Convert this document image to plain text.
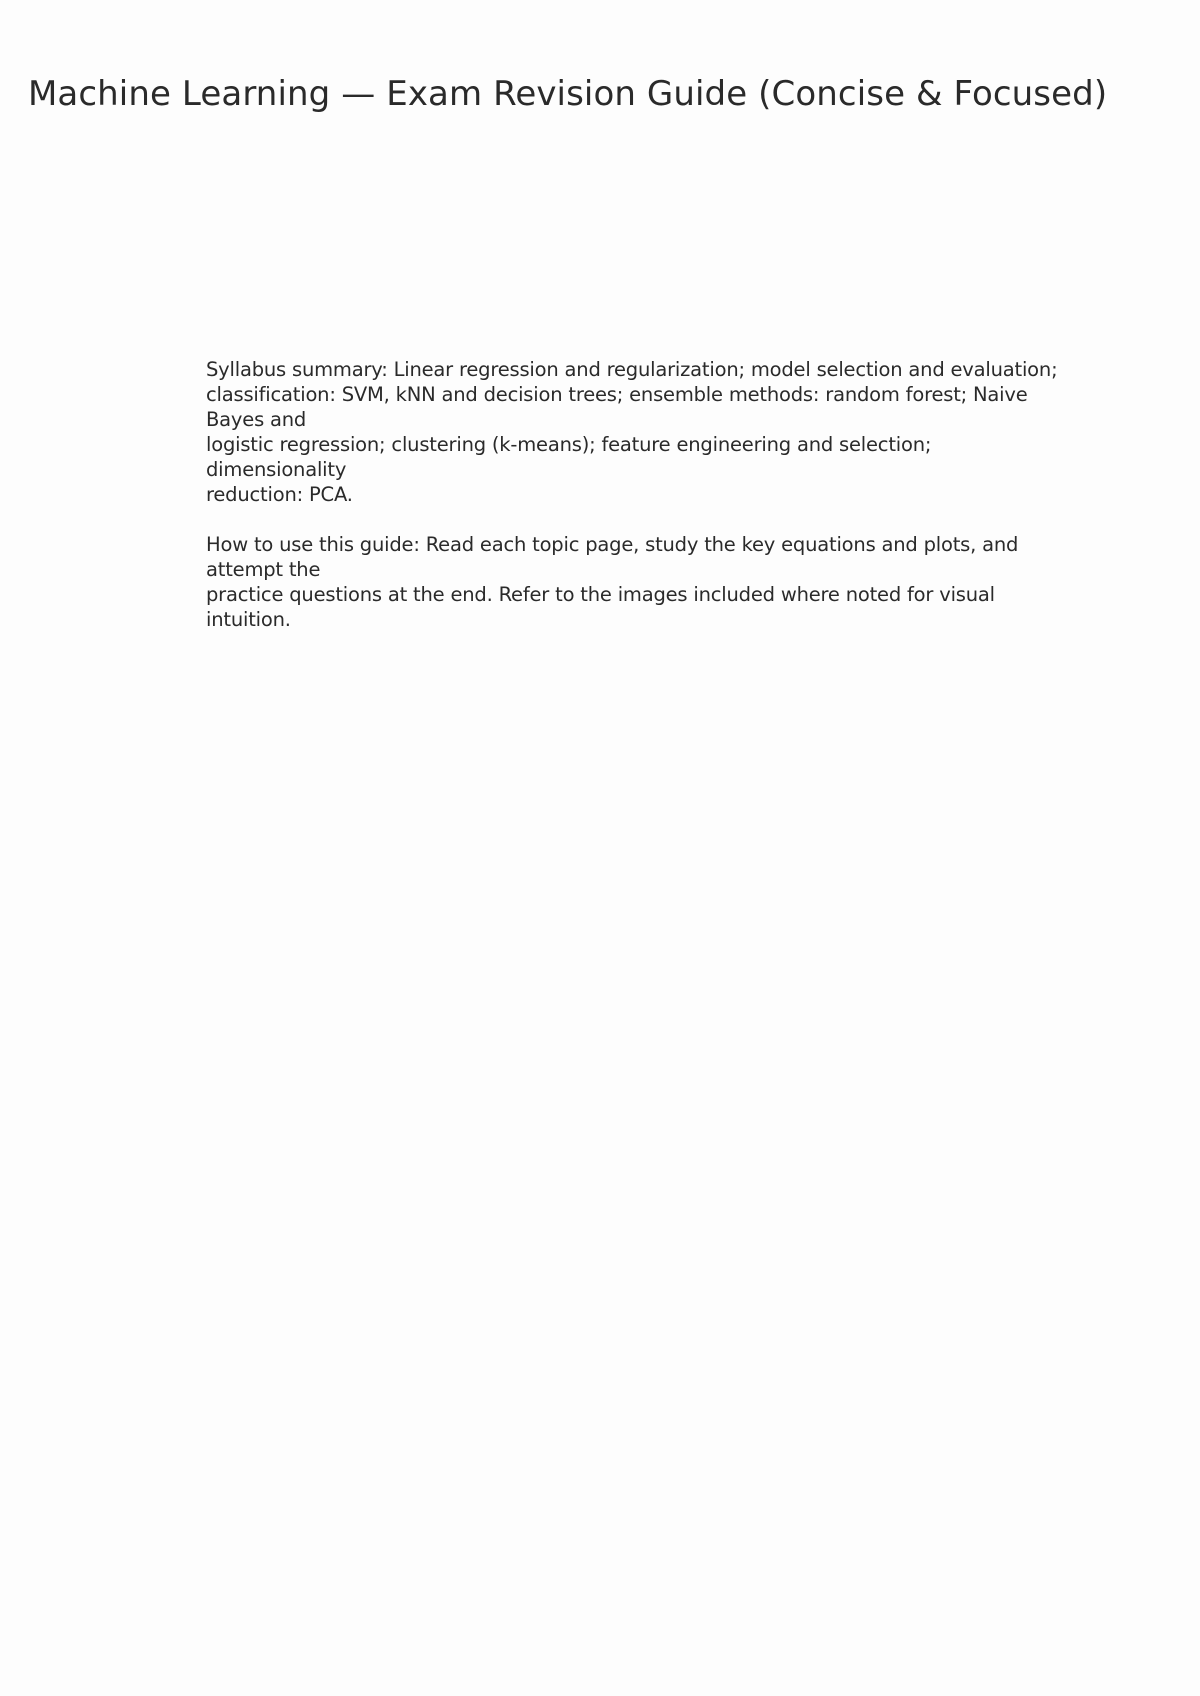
Machine Learning — Exam Revision Guide (Concise & Focused)

Syllabus summary: Linear regression and regularization; model selection and evaluation;
classification: SVM, kNN and decision trees; ensemble methods: random forest; Naive
Bayes and
logistic regression; clustering (k-means); feature engineering and selection;
dimensionality
reduction: PCA.

How to use this guide: Read each topic page, study the key equations and plots, and
attempt the
practice questions at the end. Refer to the images included where noted for visual
intuition.
